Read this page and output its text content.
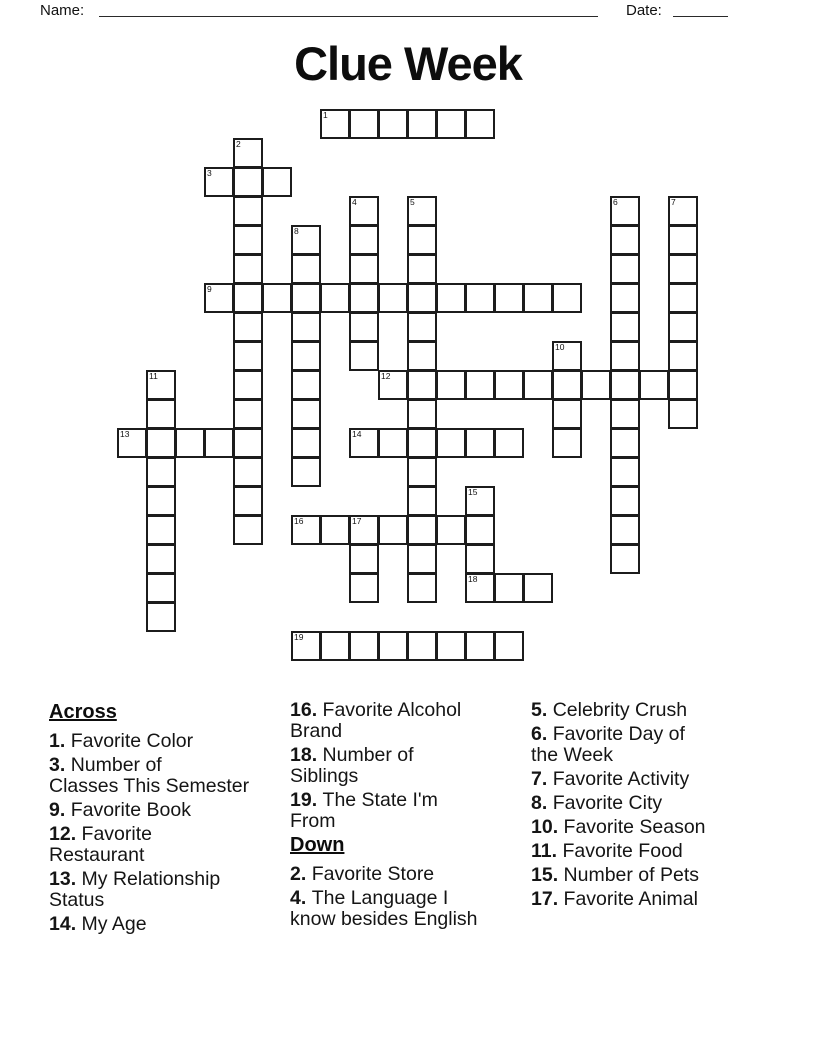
Name:	Date:
Clue Week
1
2
3
4	5	6	7
8
9
10
11	12
13	14
15
18
16	17
19
Across
1. Favorite Color
3. Number of
Classes This Semester
9. Favorite Book
12. Favorite
Restaurant
13. My Relationship
Status
14. My Age
16. Favorite Alcohol
Brand
18. Number of
Siblings
19. The State I'm
From
Down
2. Favorite Store
4. The Language I
know besides English
5. Celebrity Crush
6. Favorite Day of
the Week
7. Favorite Activity
8. Favorite City
10. Favorite Season
11. Favorite Food
15. Number of Pets
17. Favorite Animal
